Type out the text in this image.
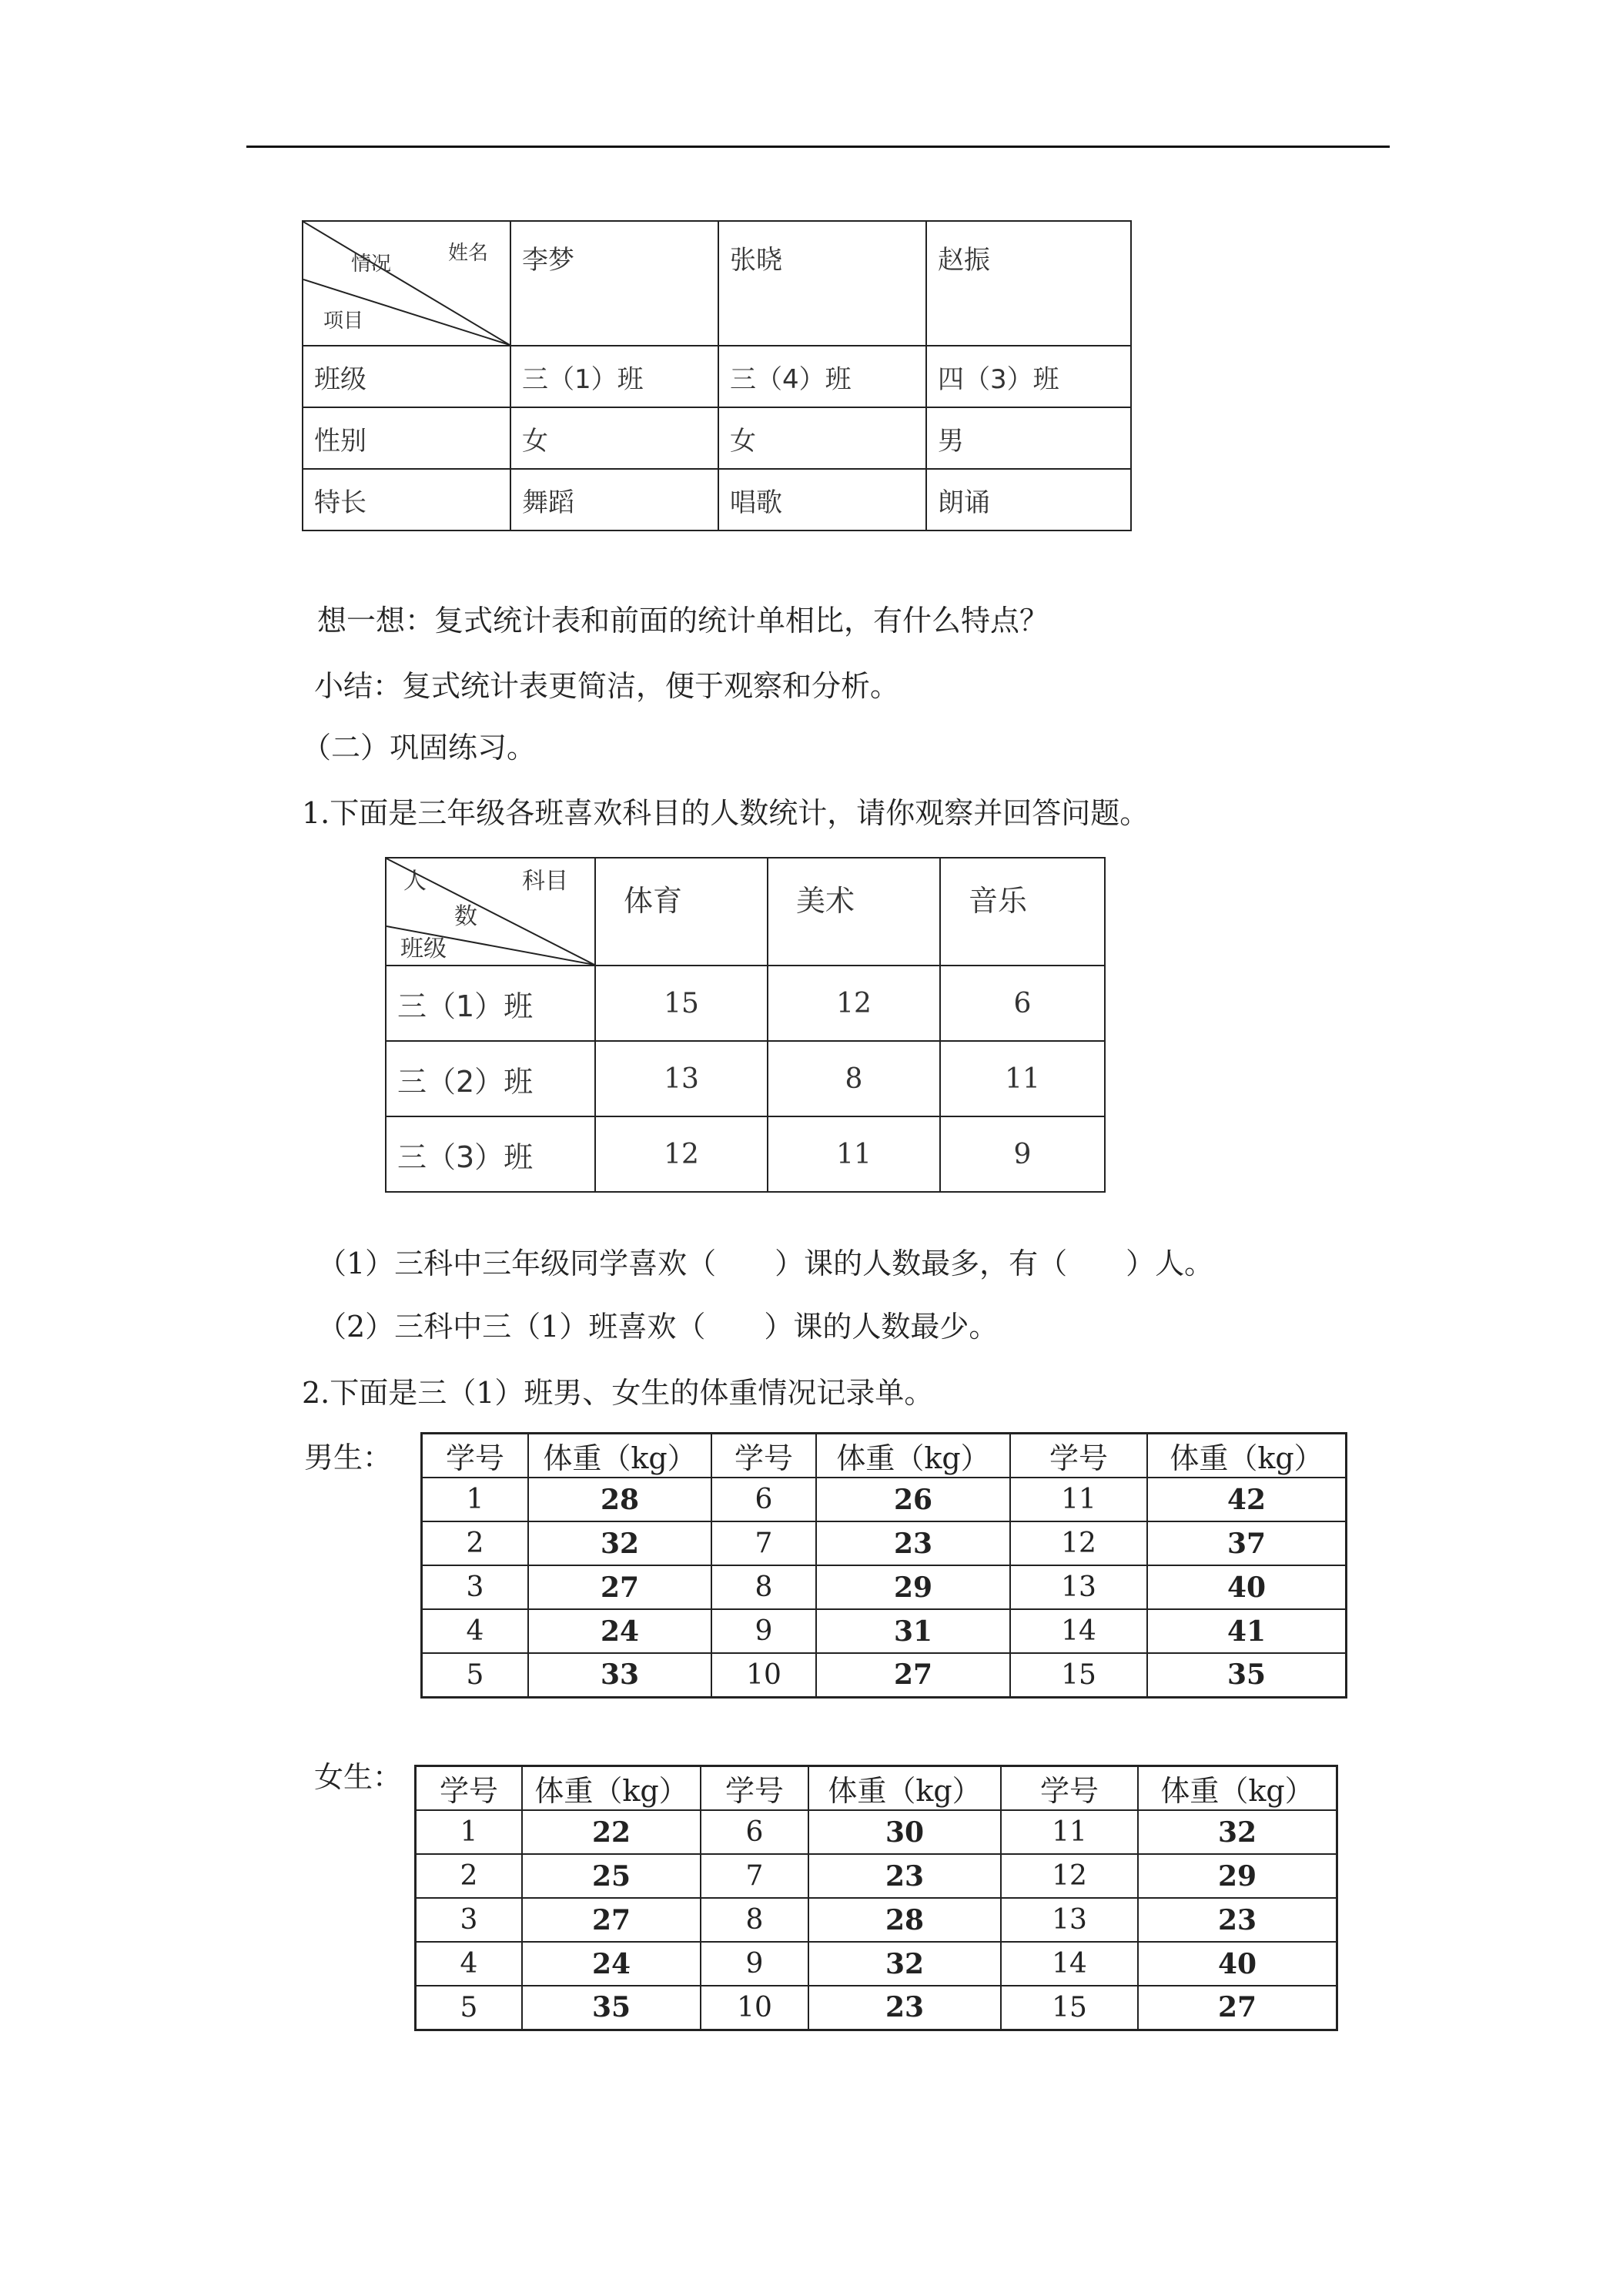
姓名
情况
项目	李梦	张晓	赵振
班级	三（1）班	三（4）班	四（3）班
性别	女	女	男
特长	舞蹈	唱歌	朗诵
想一想：复式统计表和前面的统计单相比，有什么特点？
小结：复式统计表更简洁，便于观察和分析。
（二）巩固练习。
1.下面是三年级各班喜欢科目的人数统计，请你观察并回答问题。
人
数
科目
班级	体育	美术	音乐
三（1）班	15	12	6
三（2）班	13	8	11
三（3）班	12	11	9
（1）三科中三年级同学喜欢（　　）课的人数最多，有（　　）人。
（2）三科中三（1）班喜欢（　　）课的人数最少。
2.下面是三（1）班男、女生的体重情况记录单。
男生： 学号	体重（kg）	学号	体重（kg）	学号	体重（kg）
1	28	6	26	11	42
2	32	7	23	12	37
3	27	8	29	13	40
4	24	9	31	14	41
5	33	10	27	15	35
女生： 学号	体重（kg）	学号	体重（kg）	学号	体重（kg）
1	22	6	30	11	32
2	25	7	23	12	29
3	27	8	28	13	23
4	24	9	32	14	40
5	35	10	23	15	27
